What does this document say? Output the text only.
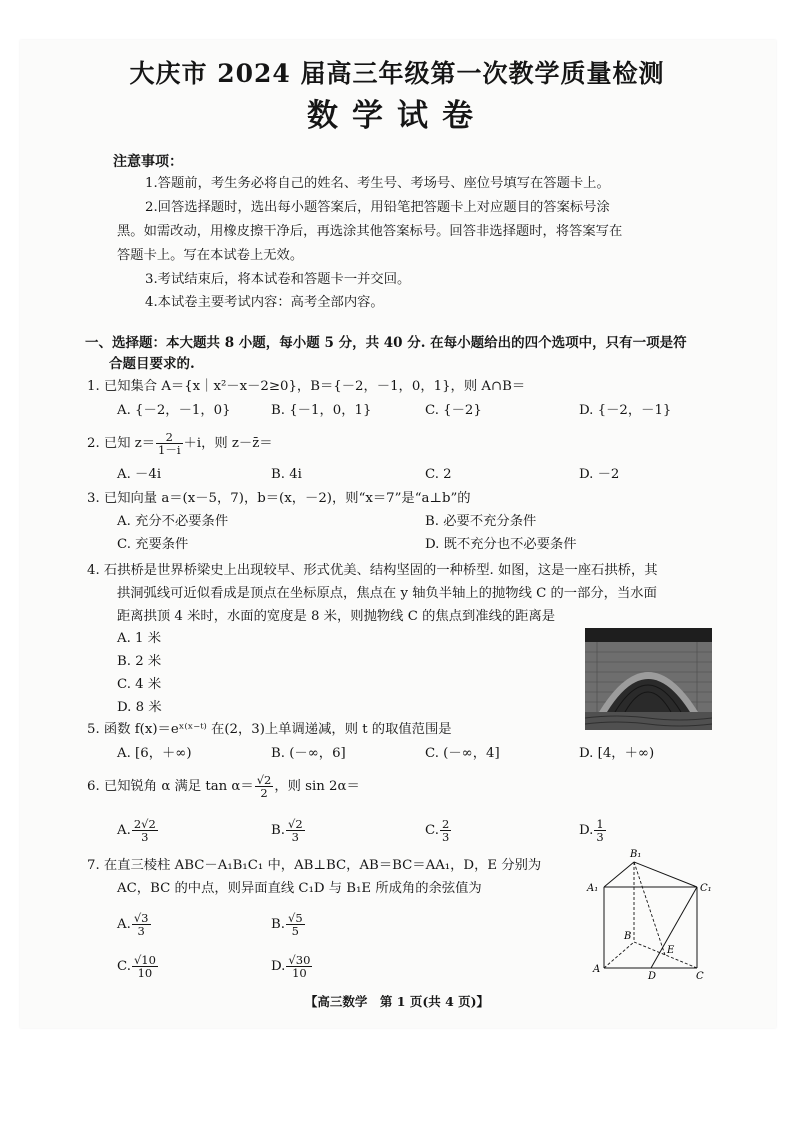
大庆市 2024 届高三年级第一次教学质量检测
数学试卷
注意事项：
1.答题前，考生务必将自己的姓名、考生号、考场号、座位号填写在答题卡上。
2.回答选择题时，选出每小题答案后，用铅笔把答题卡上对应题目的答案标号涂
黑。如需改动，用橡皮擦干净后，再选涂其他答案标号。回答非选择题时，将答案写在
答题卡上。写在本试卷上无效。
3.考试结束后，将本试卷和答题卡一并交回。
4.本试卷主要考试内容：高考全部内容。
一、选择题：本大题共 8 小题，每小题 5 分，共 40 分. 在每小题给出的四个选项中，只有一项是符
合题目要求的.
1. 已知集合 A＝{x｜x²－x－2≥0}，B＝{－2，－1，0，1}，则 A∩B＝
A. {－2，－1，0}	B. {－1，0，1}	C. {－2}	D. {－2，－1}
2. 已知 $z= \frac{2}{1-i} +i$，则 z－z̄＝
A. －4i	B. 4i	C. 2	D. －2
3. 已知向量 a＝(x－5，7)，b＝(x，－2)，则“x＝7”是“a⊥b”的
A. 充分不必要条件	B. 必要不充分条件
C. 充要条件	D. 既不充分也不必要条件
4. 石拱桥是世界桥梁史上出现较早、形式优美、结构坚固的一种桥型. 如图，这是一座石拱桥，其
拱洞弧线可近似看成是顶点在坐标原点，焦点在 y 轴负半轴上的抛物线 C 的一部分，当水面
距离拱顶 4 米时，水面的宽度是 8 米，则抛物线 C 的焦点到准线的距离是
A. 1 米
B. 2 米
C. 4 米
D. 8 米
5. 函数 f(x)＝eˣ⁽ˣ⁻ᵗ⁾ 在(2，3)上单调递减，则 t 的取值范围是
A. [6，＋∞)	B. (－∞，6]	C. (－∞，4]	D. [4，＋∞)
6. 已知锐角 α 满足 $\tan \alpha= \frac{√2}{2}$ ，则 sin 2α＝
A. $\frac{2√2}{3}$	B. $\frac{√2}{3}$	C. $\frac{2}{3}$	D. $\frac{1}{3}$
7. 在直三棱柱 ABC－A₁B₁C₁ 中，AB⊥BC，AB＝BC＝AA₁，D，E 分别为
AC，BC 的中点，则异面直线 C₁D 与 B₁E 所成角的余弦值为
A. $\frac{√3}{3}$	B. $\frac{√5}{5}$
C. $\frac{√10}{10}$	D. $\frac{√30}{10}$
B₁
A₁	C₁
B
E
A
D	C
【高三数学　第 1 页(共 4 页)】
